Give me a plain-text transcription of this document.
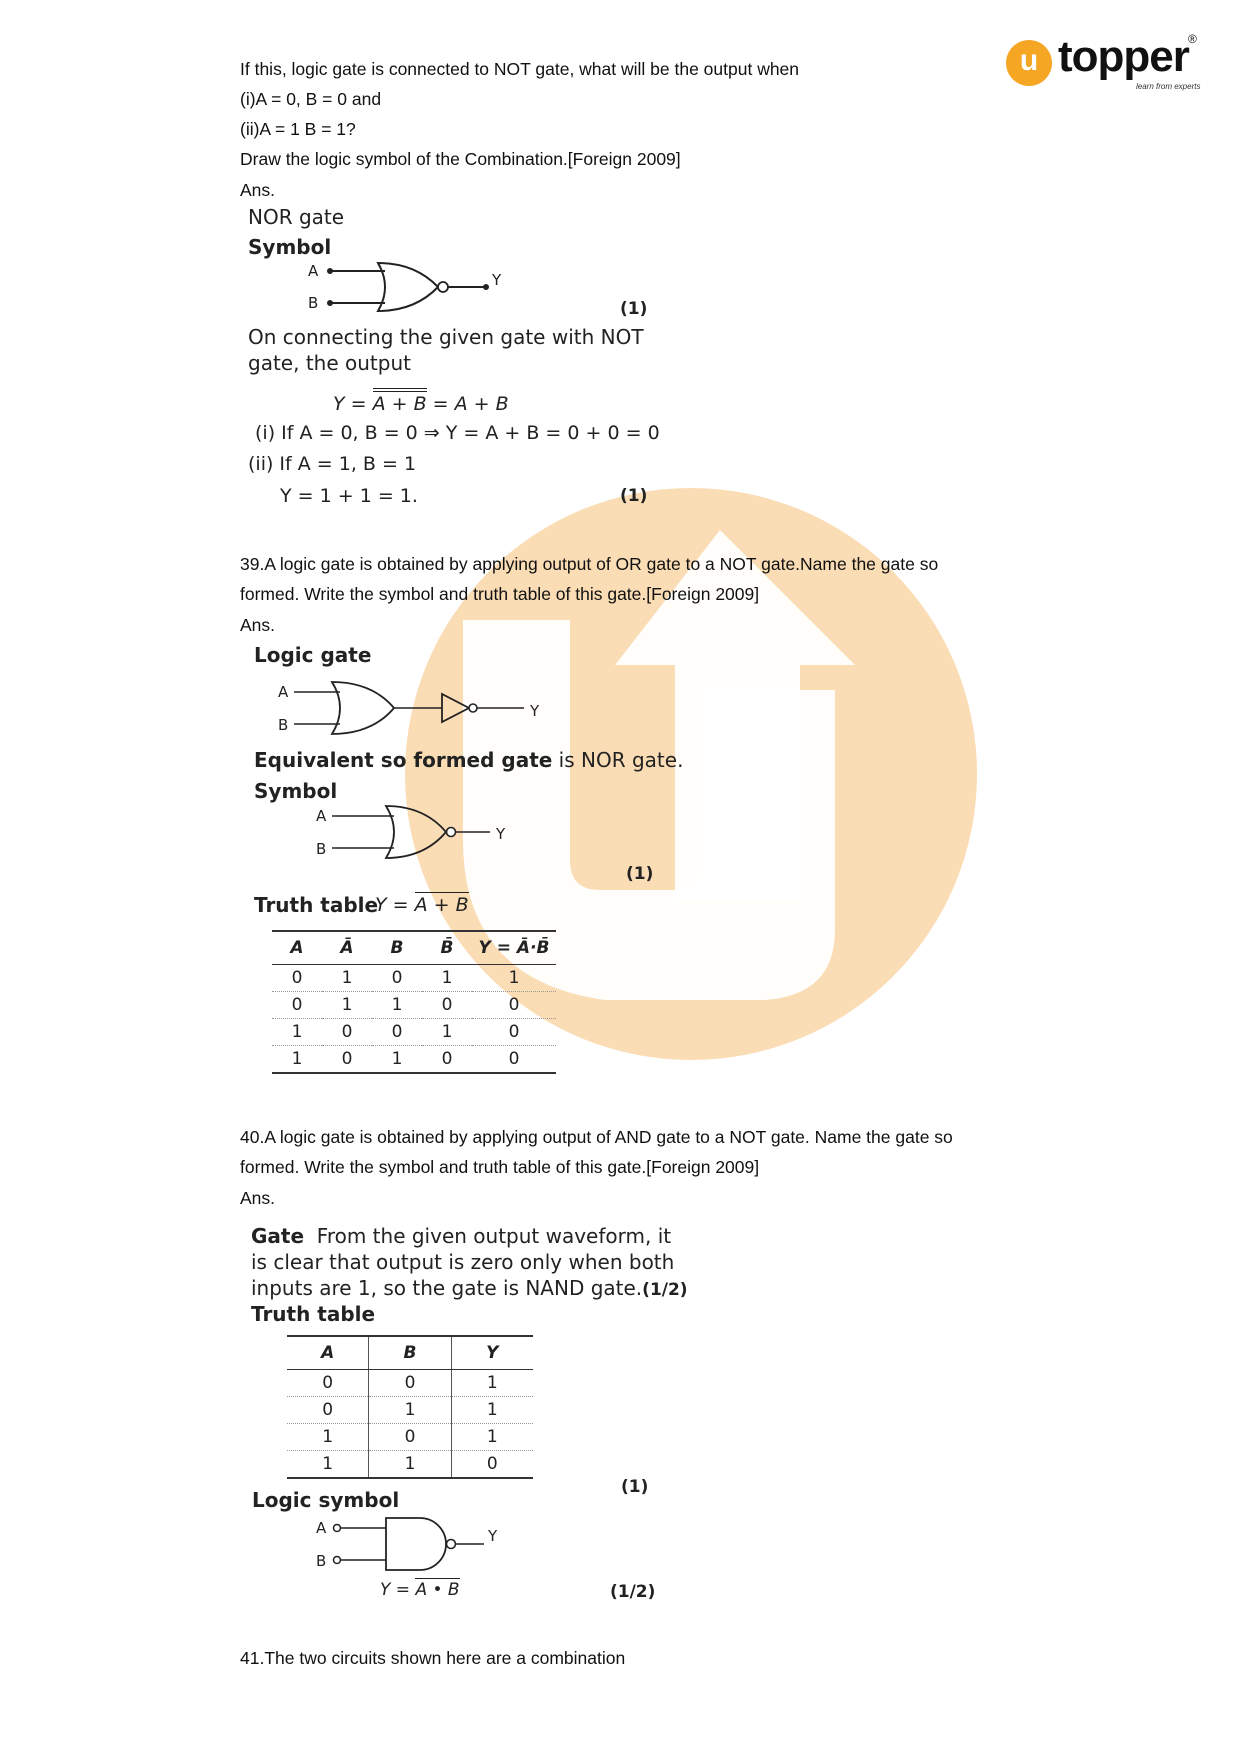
u topper ®
learn from experts
If this, logic gate is connected to NOT gate, what will be the output when
(i)A = 0, B = 0 and
(ii)A = 1 B = 1?
Draw the logic symbol of the Combination.[Foreign 2009]
Ans.
NOR gate
Symbol
A
B
Y
(1)
On connecting the given gate with NOT
gate, the output
Y = A + B = A + B
(i) If A = 0, B = 0 ⇒ Y = A + B = 0 + 0 = 0
(ii) If A = 1, B = 1
Y = 1 + 1 = 1.	(1)
39.A logic gate is obtained by applying output of OR gate to a NOT gate.Name the gate so
formed. Write the symbol and truth table of this gate.[Foreign 2009]
Ans.
Logic gate
A
B
Y
Equivalent so formed gate is NOR gate.
Symbol
A
B
Y
(1)
Truth table
Y = A + B
A	Ā	B	B̄	Y = Ā·B̄
0	1	0	1	1
0	1	1	0	0
1	0	0	1	0
1	0	1	0	0
40.A logic gate is obtained by applying output of AND gate to a NOT gate. Name the gate so
formed. Write the symbol and truth table of this gate.[Foreign 2009]
Ans.
Gate From the given output waveform, it
is clear that output is zero only when both
inputs are 1, so the gate is NAND gate.(1/2)
Truth table
A	B	Y
0	0	1
0	1	1
1	0	1
1	1	0
(1)
Logic symbol
A
B
Y
Y = A • B	(1/2)
41.The two circuits shown here are a combination
